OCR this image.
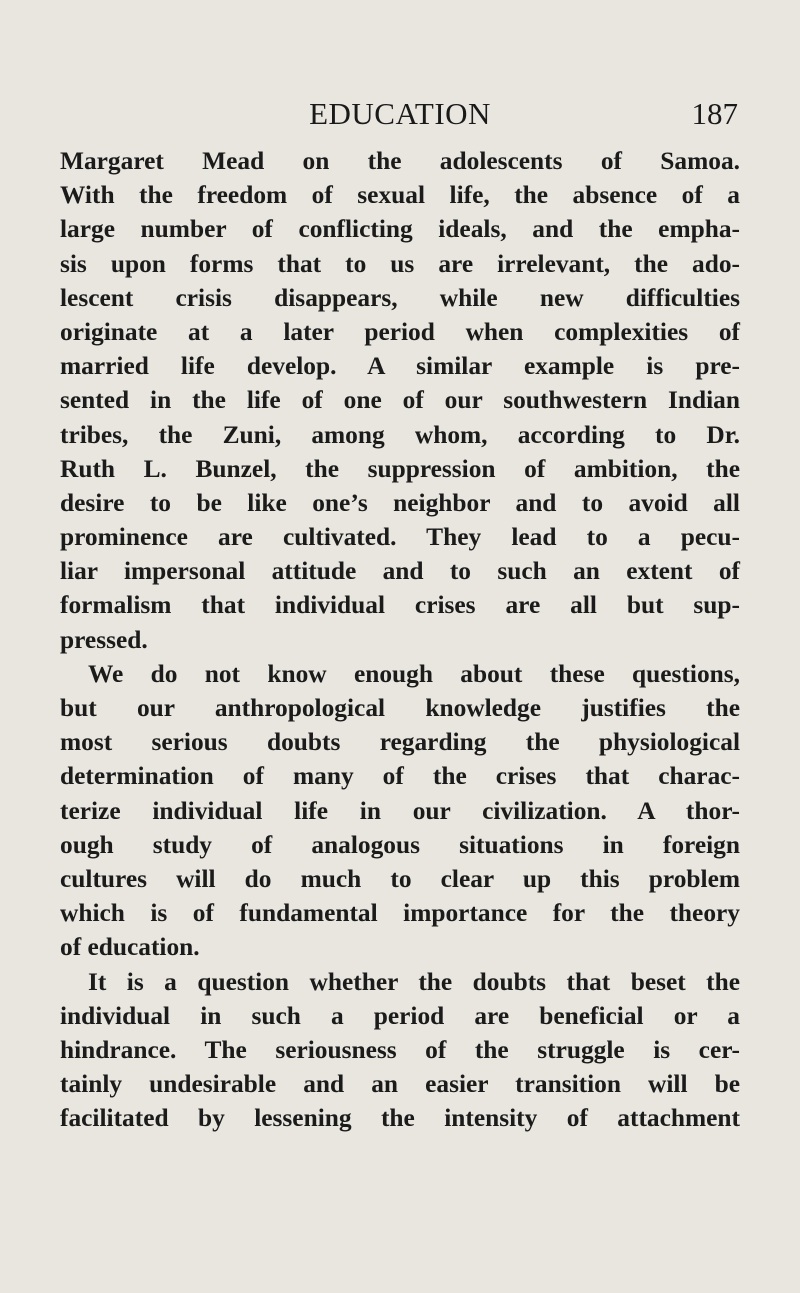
EDUCATION	187
Margaret Mead on the adolescents of Samoa.
With the freedom of sexual life, the absence of a
large number of conflicting ideals, and the empha-
sis upon forms that to us are irrelevant, the ado-
lescent crisis disappears, while new difficulties
originate at a later period when complexities of
married life develop. A similar example is pre-
sented in the life of one of our southwestern Indian
tribes, the Zuni, among whom, according to Dr.
Ruth L. Bunzel, the suppression of ambition, the
desire to be like one’s neighbor and to avoid all
prominence are cultivated. They lead to a pecu-
liar impersonal attitude and to such an extent of
formalism that individual crises are all but sup-
pressed.
We do not know enough about these questions,
but our anthropological knowledge justifies the
most serious doubts regarding the physiological
determination of many of the crises that charac-
terize individual life in our civilization. A thor-
ough study of analogous situations in foreign
cultures will do much to clear up this problem
which is of fundamental importance for the theory
of education.
It is a question whether the doubts that beset the
individual in such a period are beneficial or a
hindrance. The seriousness of the struggle is cer-
tainly undesirable and an easier transition will be
facilitated by lessening the intensity of attachment
